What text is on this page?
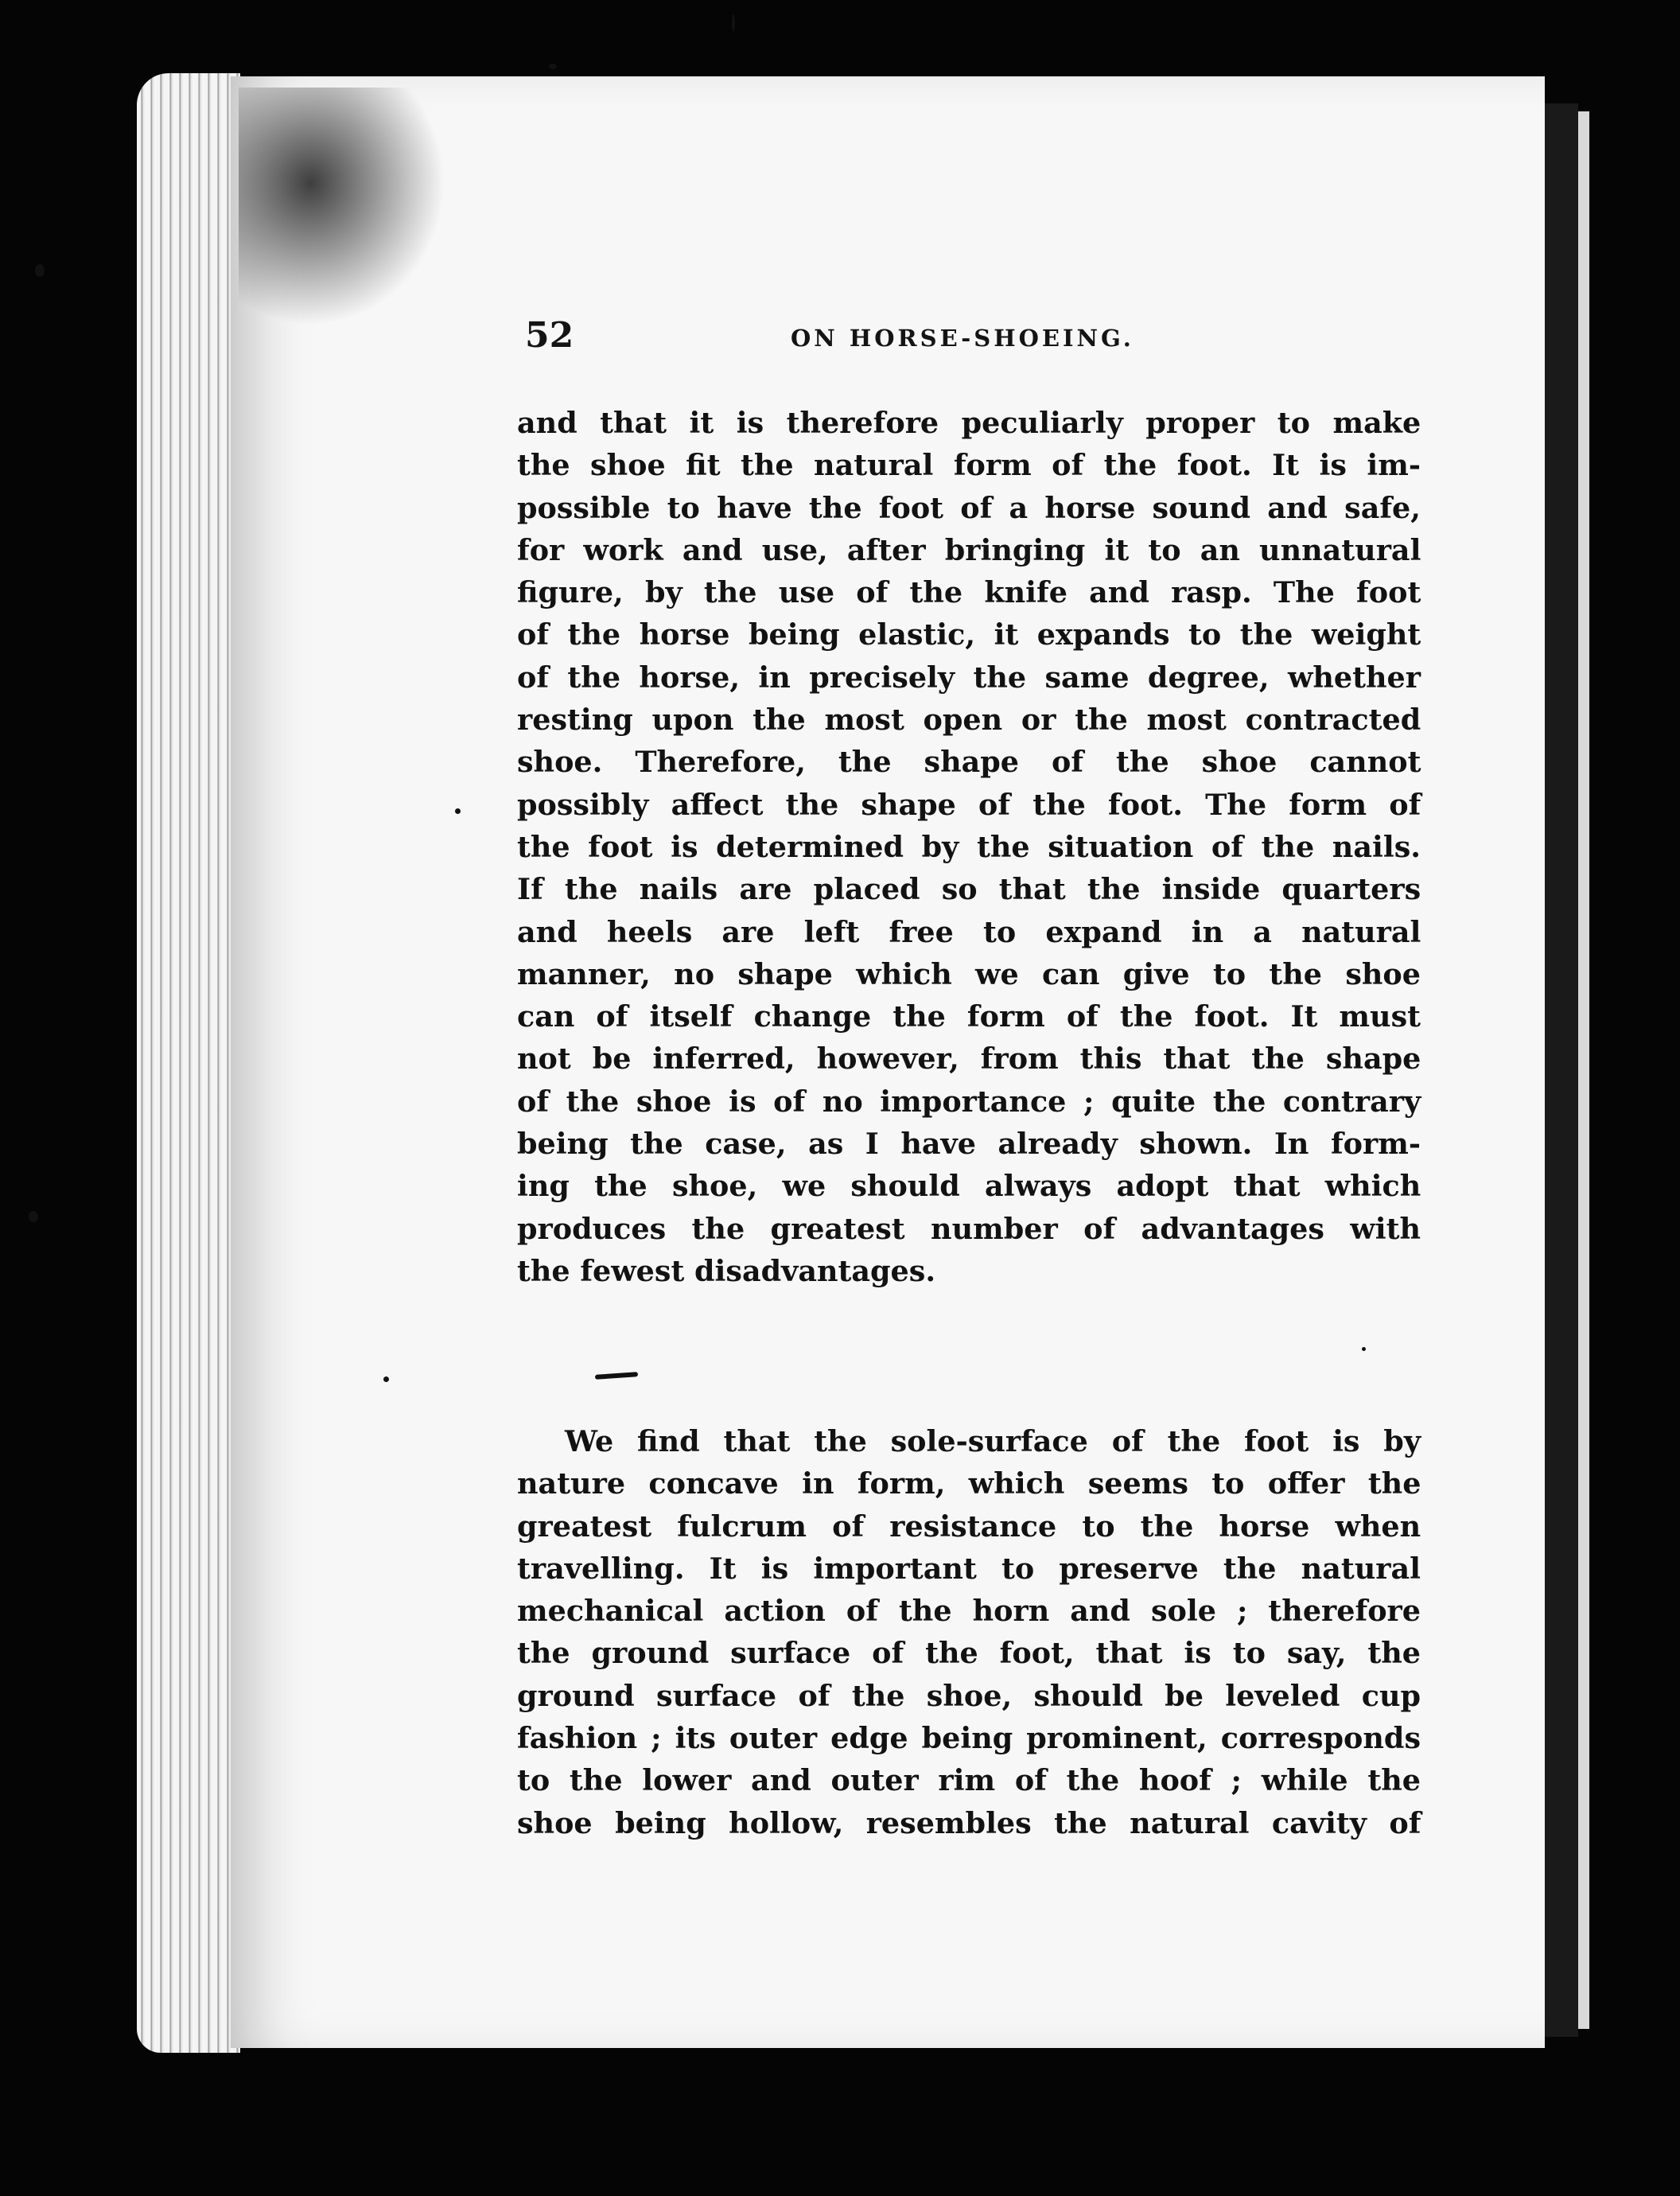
52	ON HORSE-SHOEING.
and that it is therefore peculiarly proper to make
the shoe fit the natural form of the foot. It is im-
possible to have the foot of a horse sound and safe,
for work and use, after bringing it to an unnatural
figure, by the use of the knife and rasp. The foot
of the horse being elastic, it expands to the weight
of the horse, in precisely the same degree, whether
resting upon the most open or the most contracted
shoe. Therefore, the shape of the shoe cannot
possibly affect the shape of the foot. The form of
the foot is determined by the situation of the nails.
If the nails are placed so that the inside quarters
and heels are left free to expand in a natural
manner, no shape which we can give to the shoe
can of itself change the form of the foot. It must
not be inferred, however, from this that the shape
of the shoe is of no importance ; quite the contrary
being the case, as I have already shown. In form-
ing the shoe, we should always adopt that which
produces the greatest number of advantages with
the fewest disadvantages.
We find that the sole-surface of the foot is by
nature concave in form, which seems to offer the
greatest fulcrum of resistance to the horse when
travelling. It is important to preserve the natural
mechanical action of the horn and sole ; therefore
the ground surface of the foot, that is to say, the
ground surface of the shoe, should be leveled cup
fashion ; its outer edge being prominent, corresponds
to the lower and outer rim of the hoof ; while the
shoe being hollow, resembles the natural cavity of
